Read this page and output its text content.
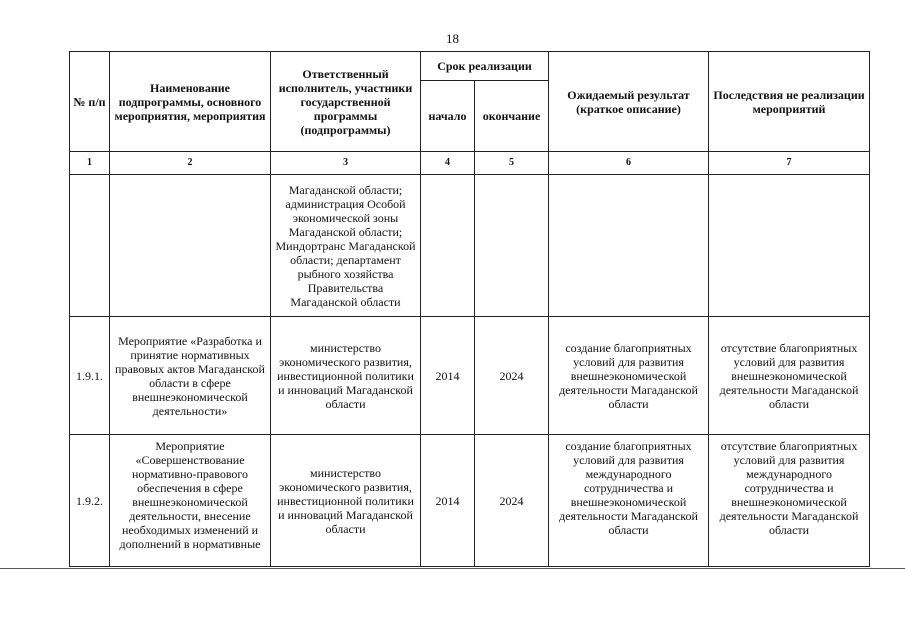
18
№ п/п	Наименование подпрограммы, основного мероприятия, мероприятия	Ответственный исполнитель, участники государственной программы (подпрограммы)	Срок реализации		Ожидаемый результат (краткое описание)	Последствия не реализации мероприятий
			начало	окончание		
1	2	3	4	5	6	7
		Магаданской области; администрация Особой экономической зоны Магаданской области; Миндортранс Магаданской области; департамент рыбного хозяйства Правительства Магаданской области				
1.9.1.	Мероприятие «Разработка и принятие нормативных правовых актов Магаданской области в сфере внешнеэкономической деятельности»	министерство экономического развития, инвестиционной политики и инноваций Магаданской области	2014	2024	создание благоприятных условий для развития внешнеэкономической деятельности Магаданской области	отсутствие благоприятных условий для развития внешнеэкономической деятельности Магаданской области
1.9.2.	Мероприятие «Совершенствование нормативно-правового обеспечения в сфере внешнеэкономической деятельности, внесение необходимых изменений и дополнений в нормативные	министерство экономического развития, инвестиционной политики и инноваций Магаданской области	2014	2024	создание благоприятных условий для развития международного сотрудничества и внешнеэкономической деятельности Магаданской области	отсутствие благоприятных условий для развития международного сотрудничества и внешнеэкономической деятельности Магаданской области
